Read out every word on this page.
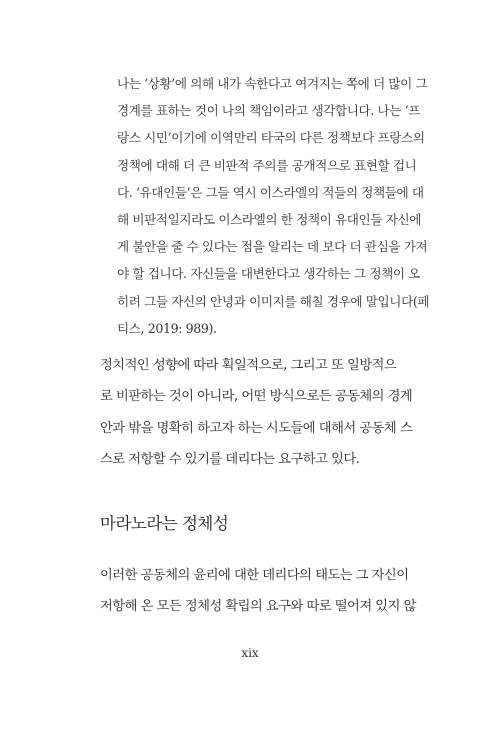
나는 ‘상황’에 의해 내가 속한다고 여겨지는 쪽에 더 많이 그
경계를 표하는 것이 나의 책임이라고 생각합니다. 나는 ‘프
랑스 시민’이기에 이역만리 타국의 다른 정책보다 프랑스의
정책에 대해 더 큰 비판적 주의를 공개적으로 표현할 겁니
다. ‘유대인들’은 그들 역시 이스라엘의 적들의 정책들에 대
해 비판적일지라도 이스라엘의 한 정책이 유대인들 자신에
게 불안을 줄 수 있다는 점을 알리는 데 보다 더 관심을 가져
야 할 겁니다. 자신들을 대변한다고 생각하는 그 정책이 오
히려 그들 자신의 안녕과 이미지를 해칠 경우에 말입니다(페
티스, 2019: 989).
정치적인 성향에 따라 획일적으로, 그리고 또 일방적으
로 비판하는 것이 아니라, 어떤 방식으로든 공동체의 경계
안과 밖을 명확히 하고자 하는 시도들에 대해서 공동체 스
스로 저항할 수 있기를 데리다는 요구하고 있다.
마라노라는 정체성
이러한 공동체의 윤리에 대한 데리다의 태도는 그 자신이
저항해 온 모든 정체성 확립의 요구와 따로 떨어져 있지 않
xix
